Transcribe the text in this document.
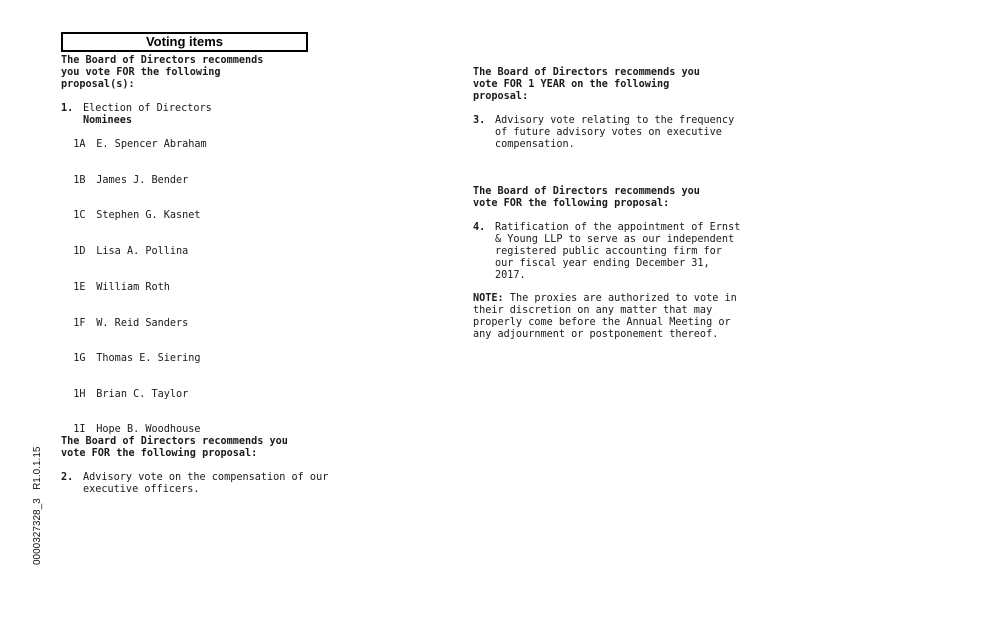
Voting items

The Board of Directors recommends
you vote FOR the following
proposal(s):

1. Election of Directors

Nominees

1A E. Spencer Abraham

1B James J. Bender

1C Stephen G. Kasnet

1D Lisa A. Pollina

1E William Roth

1F W. Reid Sanders

1G Thomas E. Siering

1H Brian C. Taylor

1I Hope B. Woodhouse

The Board of Directors recommends you
vote FOR the following proposal:

2. Advisory vote on the compensation of our
executive officers.

The Board of Directors recommends you
vote FOR 1 YEAR on the following
proposal:

3. Advisory vote relating to the frequency
of future advisory votes on executive
compensation.

The Board of Directors recommends you
vote FOR the following proposal:

4. Ratification of the appointment of Ernst
& Young LLP to serve as our independent
registered public accounting firm for
our fiscal year ending December 31,
2017.
NOTE: The proxies are authorized to vote in
their discretion on any matter that may
properly come before the Annual Meeting or
any adjournment or postponement thereof.
0000327328_3   R1.0.1.15
